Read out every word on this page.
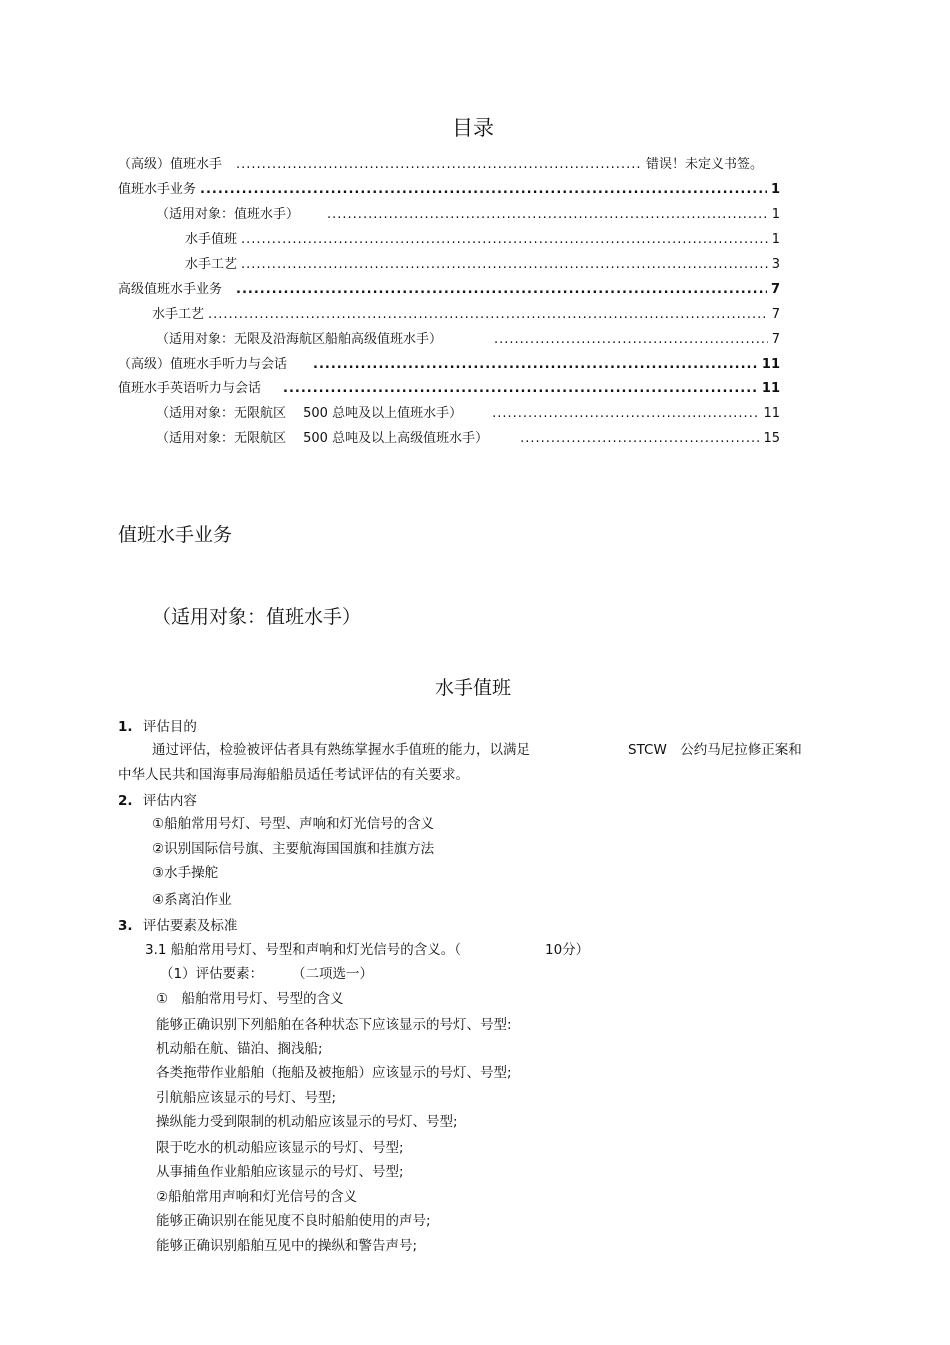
目录
（高级）值班水手 .....	错误！未定义书签。
值班水手业务 .....	1
（适用对象：值班水手） .....	1
水手值班 .....	1
水手工艺 .....	3
高级值班水手业务 .....	7
水手工艺 .....	7
（适用对象：无限及沿海航区船舶高级值班水手） .....	7
（高级）值班水手听力与会话 .....	11
值班水手英语听力与会话 .....	11
（适用对象：无限航区　 500 总吨及以上值班水手） .....	11
（适用对象：无限航区　 500 总吨及以上高级值班水手） .....	15
值班水手业务
（适用对象：值班水手）
水手值班
1. 评估目的
通过评估，检验被评估者具有熟练掌握水手值班的能力，以满足	STCW　公约马尼拉修正案和
中华人民共和国海事局海船船员适任考试评估的有关要求。
2. 评估内容
①船舶常用号灯、号型、声响和灯光信号的含义
②识别国际信号旗、主要航海国国旗和挂旗方法
③水手操舵
④系离泊作业
3. 评估要素及标准
3.1 船舶常用号灯、号型和声响和灯光信号的含义。（	10分）
（1）评估要素： （二项选一）
①　船舶常用号灯、号型的含义
能够正确识别下列船舶在各种状态下应该显示的号灯、号型:
机动船在航、锚泊、搁浅船;
各类拖带作业船舶（拖船及被拖船）应该显示的号灯、号型;
引航船应该显示的号灯、号型;
操纵能力受到限制的机动船应该显示的号灯、号型;
限于吃水的机动船应该显示的号灯、号型;
从事捕鱼作业船舶应该显示的号灯、号型;
②船舶常用声响和灯光信号的含义
能够正确识别在能见度不良时船舶使用的声号;
能够正确识别船舶互见中的操纵和警告声号;
